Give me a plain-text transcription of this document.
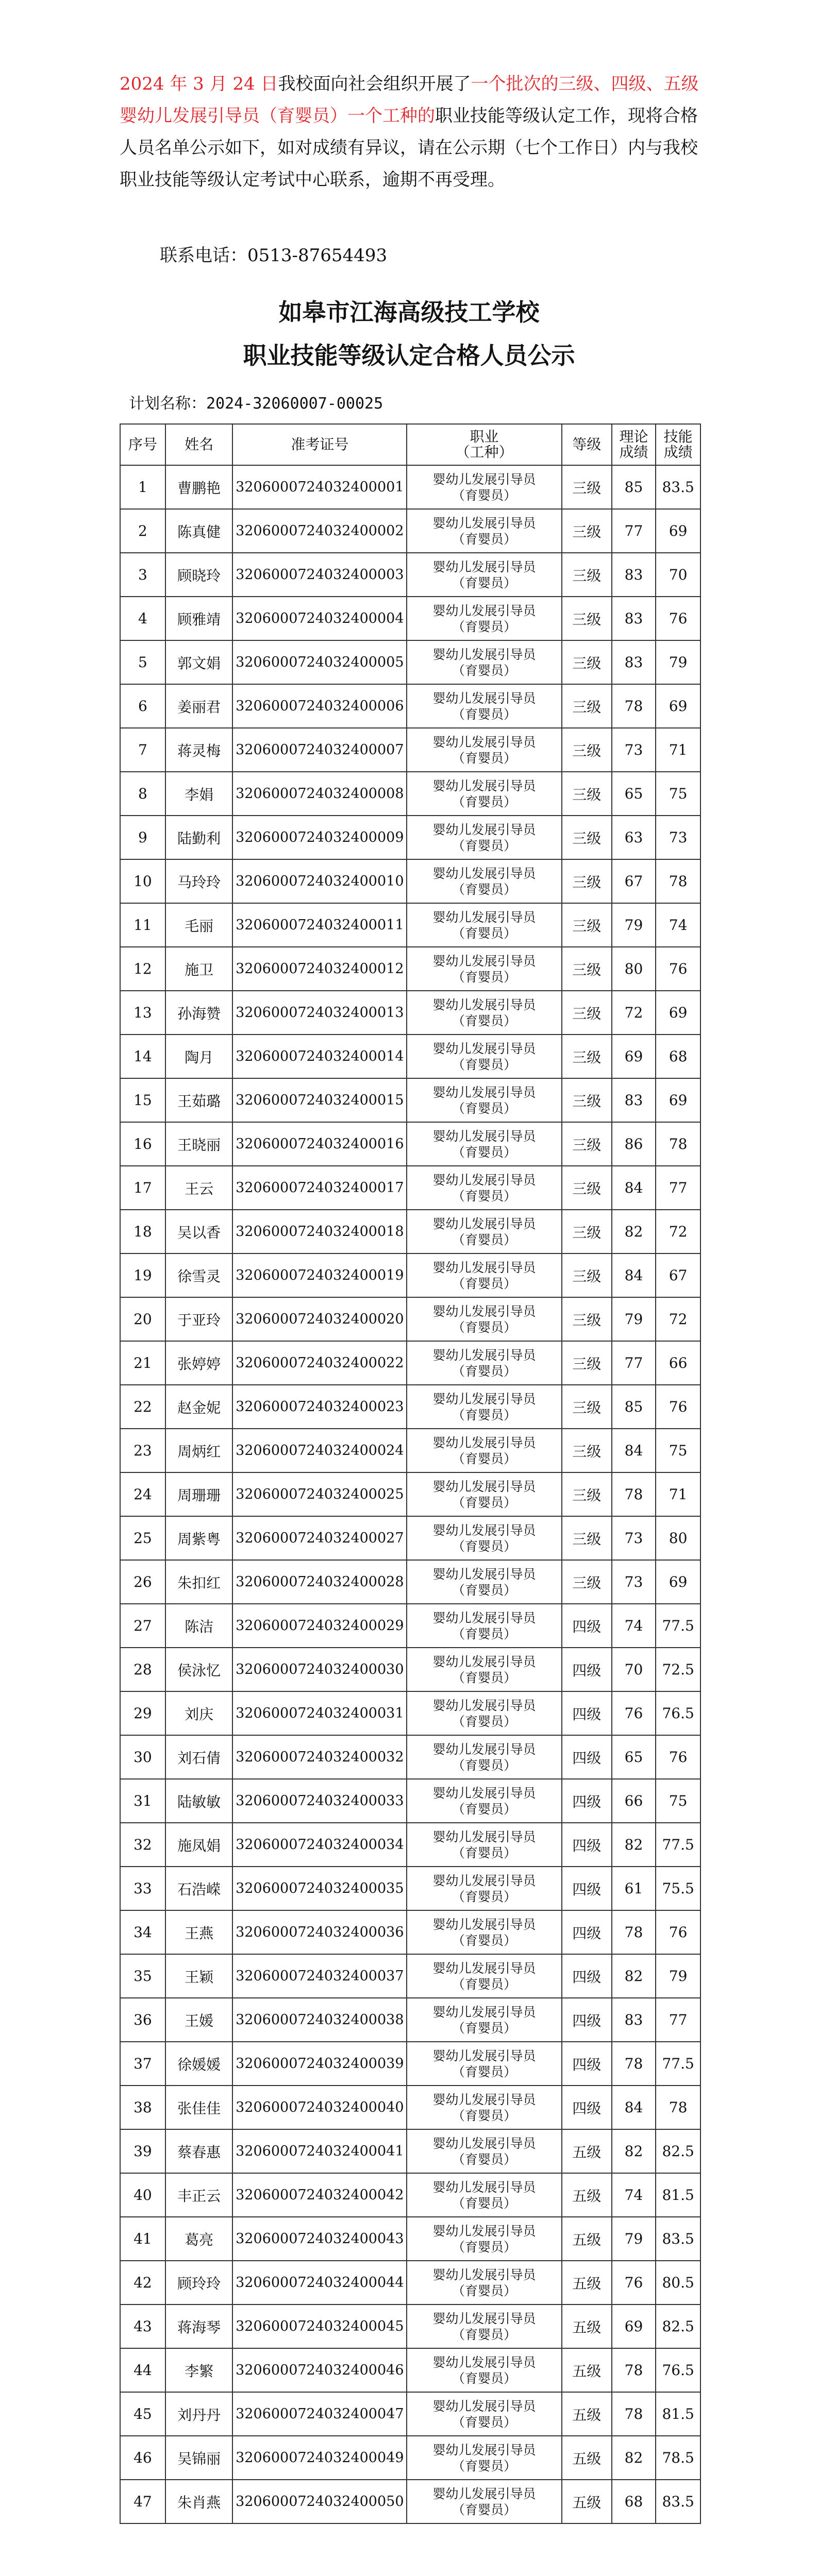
2024 年 3 月 24 日我校面向社会组织开展了一个批次的三级、四级、五级婴幼儿发展引导员（育婴员）一个工种的职业技能等级认定工作，现将合格人员名单公示如下，如对成绩有异议，请在公示期（七个工作日）内与我校职业技能等级认定考试中心联系，逾期不再受理。

联系电话：0513-87654493
如皋市江海高级技工学校
职业技能等级认定合格人员公示
计划名称：2024-32060007-00025
序号	姓名	准考证号	职业
（工种）	等级	理论
成绩	技能
成绩
1	曹鹏艳	3206000724032400001	婴幼儿发展引导员
（育婴员）	三级	85	83.5
2	陈真健	3206000724032400002	婴幼儿发展引导员
（育婴员）	三级	77	69
3	顾晓玲	3206000724032400003	婴幼儿发展引导员
（育婴员）	三级	83	70
4	顾雅靖	3206000724032400004	婴幼儿发展引导员
（育婴员）	三级	83	76
5	郭文娟	3206000724032400005	婴幼儿发展引导员
（育婴员）	三级	83	79
6	姜丽君	3206000724032400006	婴幼儿发展引导员
（育婴员）	三级	78	69
7	蒋灵梅	3206000724032400007	婴幼儿发展引导员
（育婴员）	三级	73	71
8	李娟	3206000724032400008	婴幼儿发展引导员
（育婴员）	三级	65	75
9	陆勤利	3206000724032400009	婴幼儿发展引导员
（育婴员）	三级	63	73
10	马玲玲	3206000724032400010	婴幼儿发展引导员
（育婴员）	三级	67	78
11	毛丽	3206000724032400011	婴幼儿发展引导员
（育婴员）	三级	79	74
12	施卫	3206000724032400012	婴幼儿发展引导员
（育婴员）	三级	80	76
13	孙海赞	3206000724032400013	婴幼儿发展引导员
（育婴员）	三级	72	69
14	陶月	3206000724032400014	婴幼儿发展引导员
（育婴员）	三级	69	68
15	王茹璐	3206000724032400015	婴幼儿发展引导员
（育婴员）	三级	83	69
16	王晓丽	3206000724032400016	婴幼儿发展引导员
（育婴员）	三级	86	78
17	王云	3206000724032400017	婴幼儿发展引导员
（育婴员）	三级	84	77
18	吴以香	3206000724032400018	婴幼儿发展引导员
（育婴员）	三级	82	72
19	徐雪灵	3206000724032400019	婴幼儿发展引导员
（育婴员）	三级	84	67
20	于亚玲	3206000724032400020	婴幼儿发展引导员
（育婴员）	三级	79	72
21	张婷婷	3206000724032400022	婴幼儿发展引导员
（育婴员）	三级	77	66
22	赵金妮	3206000724032400023	婴幼儿发展引导员
（育婴员）	三级	85	76
23	周炳红	3206000724032400024	婴幼儿发展引导员
（育婴员）	三级	84	75
24	周珊珊	3206000724032400025	婴幼儿发展引导员
（育婴员）	三级	78	71
25	周紫粤	3206000724032400027	婴幼儿发展引导员
（育婴员）	三级	73	80
26	朱扣红	3206000724032400028	婴幼儿发展引导员
（育婴员）	三级	73	69
27	陈洁	3206000724032400029	婴幼儿发展引导员
（育婴员）	四级	74	77.5
28	侯泳忆	3206000724032400030	婴幼儿发展引导员
（育婴员）	四级	70	72.5
29	刘庆	3206000724032400031	婴幼儿发展引导员
（育婴员）	四级	76	76.5
30	刘石倩	3206000724032400032	婴幼儿发展引导员
（育婴员）	四级	65	76
31	陆敏敏	3206000724032400033	婴幼儿发展引导员
（育婴员）	四级	66	75
32	施凤娟	3206000724032400034	婴幼儿发展引导员
（育婴员）	四级	82	77.5
33	石浩嵘	3206000724032400035	婴幼儿发展引导员
（育婴员）	四级	61	75.5
34	王燕	3206000724032400036	婴幼儿发展引导员
（育婴员）	四级	78	76
35	王颖	3206000724032400037	婴幼儿发展引导员
（育婴员）	四级	82	79
36	王媛	3206000724032400038	婴幼儿发展引导员
（育婴员）	四级	83	77
37	徐媛媛	3206000724032400039	婴幼儿发展引导员
（育婴员）	四级	78	77.5
38	张佳佳	3206000724032400040	婴幼儿发展引导员
（育婴员）	四级	84	78
39	蔡春惠	3206000724032400041	婴幼儿发展引导员
（育婴员）	五级	82	82.5
40	丰正云	3206000724032400042	婴幼儿发展引导员
（育婴员）	五级	74	81.5
41	葛亮	3206000724032400043	婴幼儿发展引导员
（育婴员）	五级	79	83.5
42	顾玲玲	3206000724032400044	婴幼儿发展引导员
（育婴员）	五级	76	80.5
43	蒋海琴	3206000724032400045	婴幼儿发展引导员
（育婴员）	五级	69	82.5
44	李繁	3206000724032400046	婴幼儿发展引导员
（育婴员）	五级	78	76.5
45	刘丹丹	3206000724032400047	婴幼儿发展引导员
（育婴员）	五级	78	81.5
46	吴锦丽	3206000724032400049	婴幼儿发展引导员
（育婴员）	五级	82	78.5
47	朱肖燕	3206000724032400050	婴幼儿发展引导员
（育婴员）	五级	68	83.5
